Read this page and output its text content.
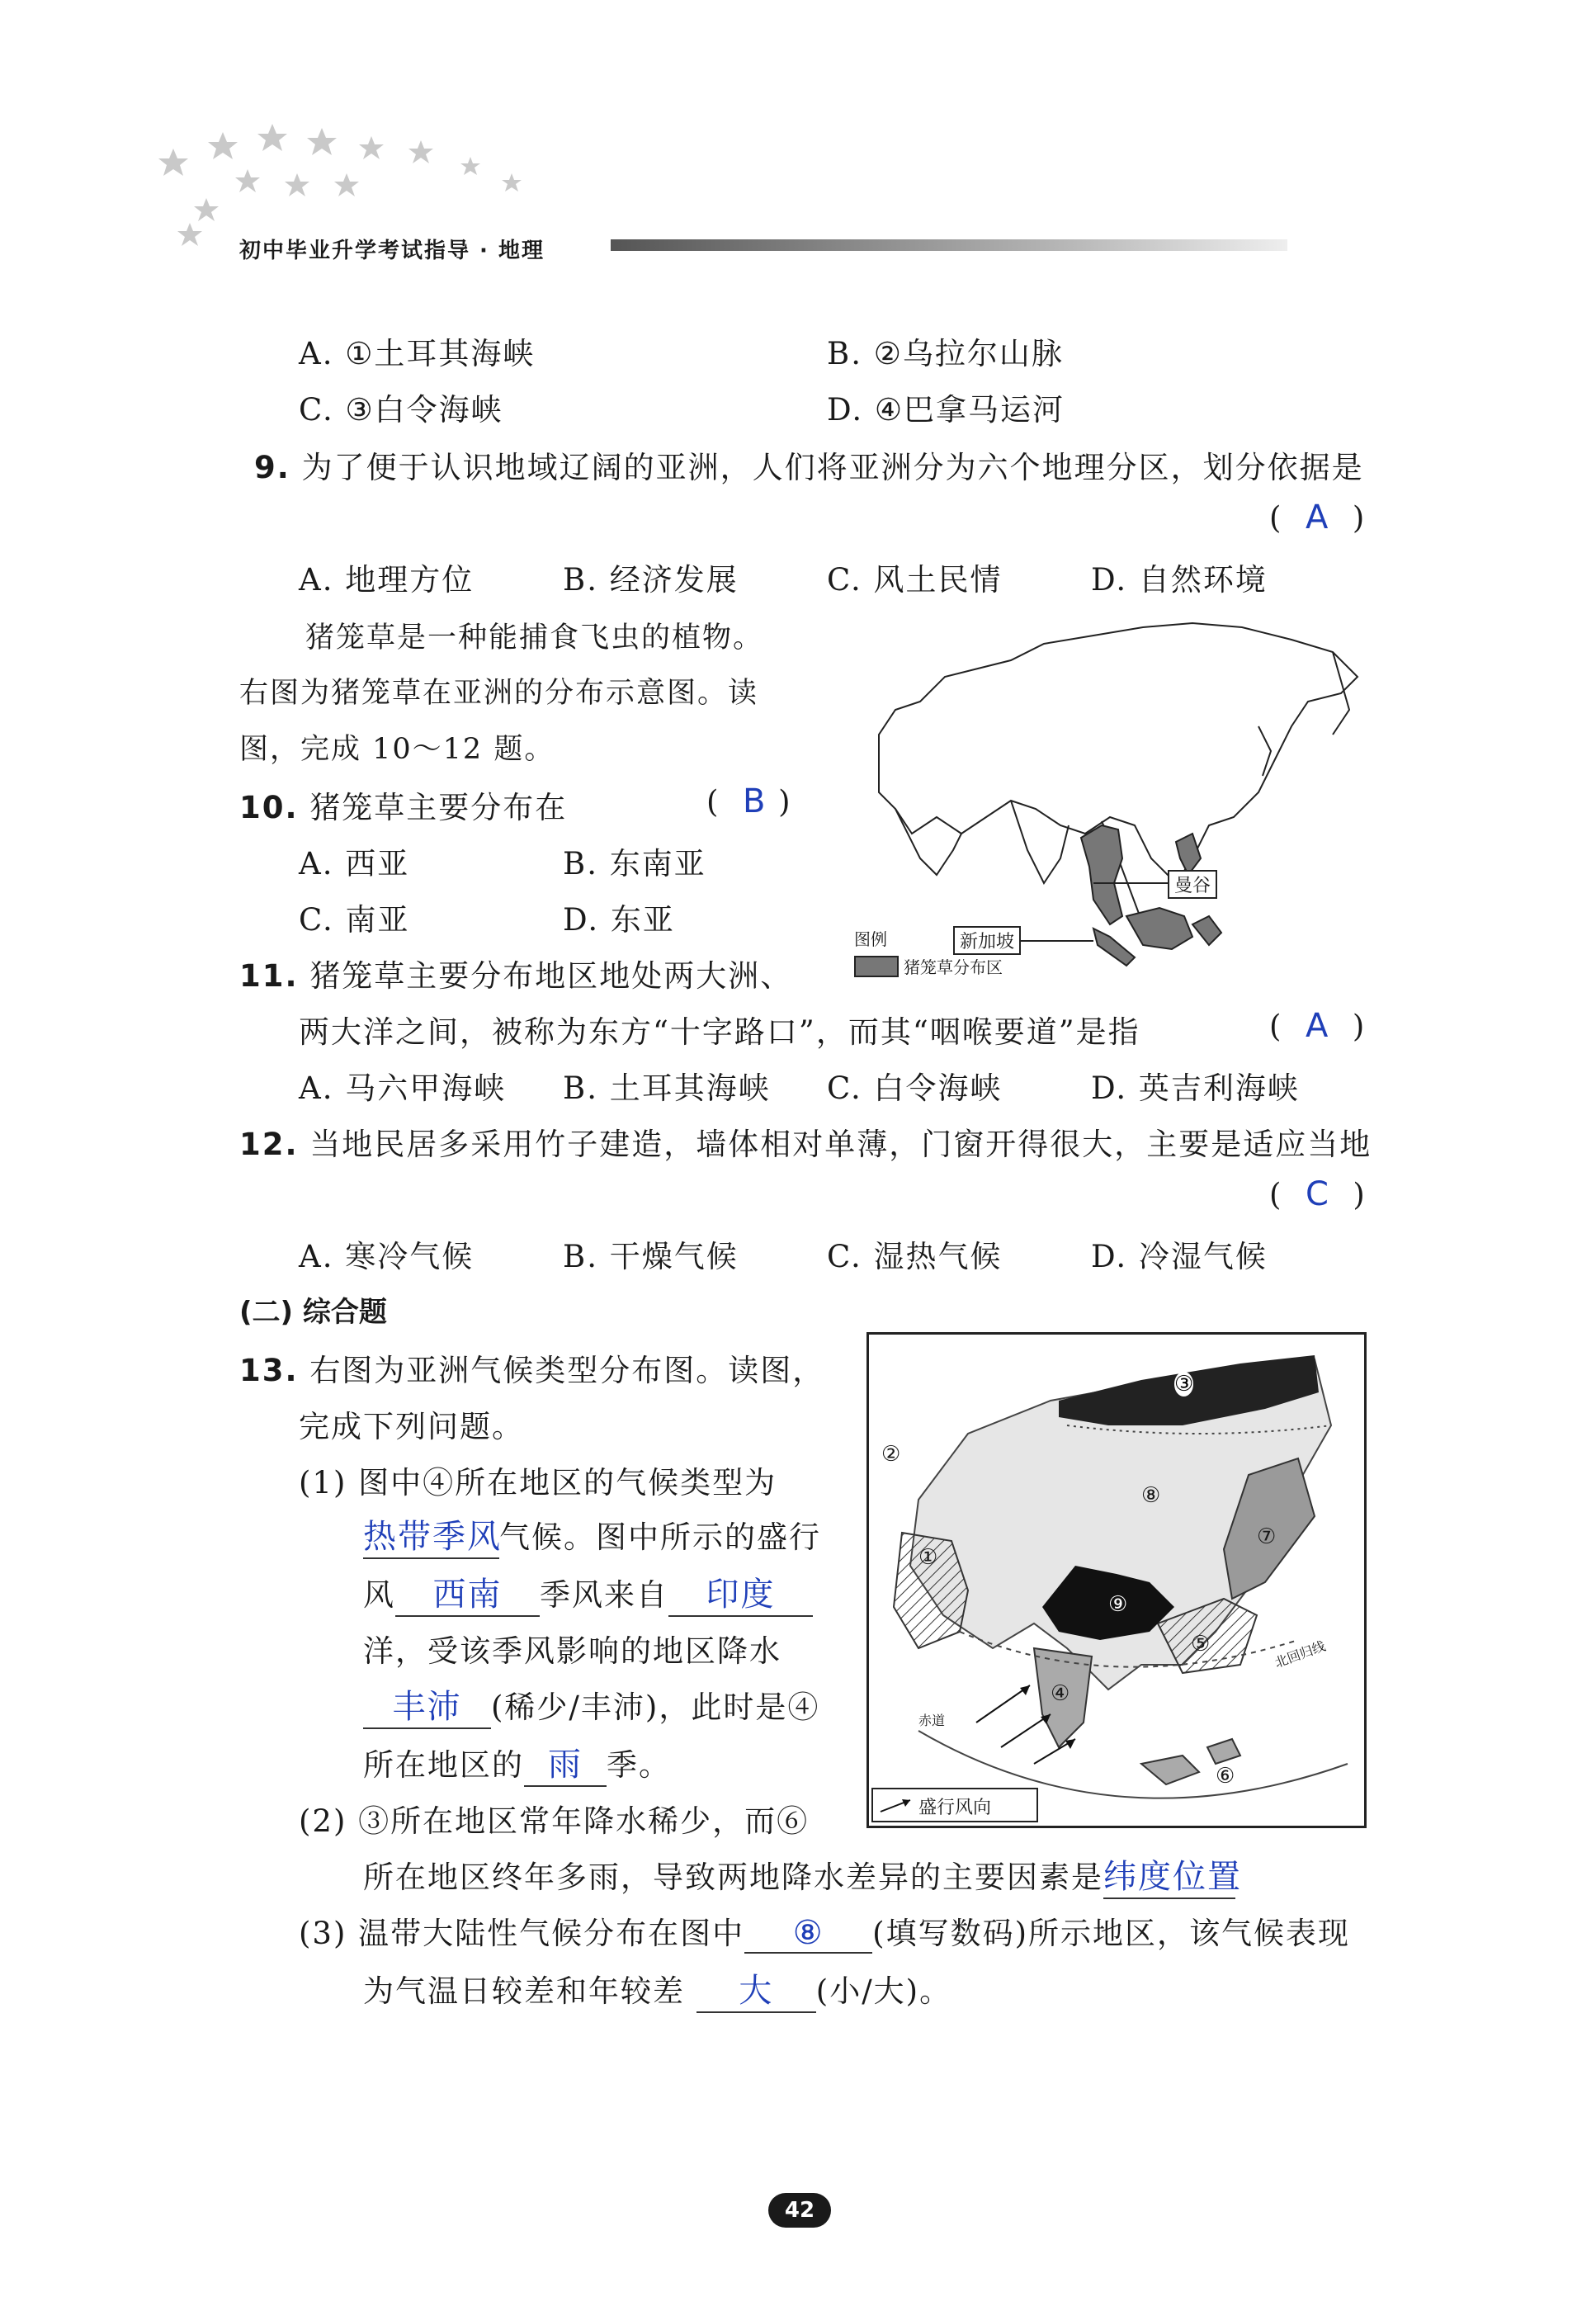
初中毕业升学考试指导 · 地理
A. ①土耳其海峡	B. ②乌拉尔山脉
C. ③白令海峡	D. ④巴拿马运河
9. 为了便于认识地域辽阔的亚洲，人们将亚洲分为六个地理分区，划分依据是
(  A  )
A. 地理方位	B. 经济发展	C. 风土民情	D. 自然环境
猪笼草是一种能捕食飞虫的植物。
右图为猪笼草在亚洲的分布示意图。读
图，完成 10～12 题。
曼谷
新加坡
图例
猪笼草分布区
10. 猪笼草主要分布在	(  B )
A. 西亚	B. 东南亚
C. 南亚	D. 东亚
11. 猪笼草主要分布地区地处两大洲、
两大洋之间，被称为东方“十字路口”，而其“咽喉要道”是指	(  A  )
A. 马六甲海峡 B. 土耳其海峡 C. 白令海峡	D. 英吉利海峡
12. 当地民居多采用竹子建造，墙体相对单薄，门窗开得很大，主要是适应当地
(  C  )
A. 寒冷气候	B. 干燥气候	C. 湿热气候	D. 冷湿气候
(二) 综合题
13. 右图为亚洲气候类型分布图。读图，
完成下列问题。
(1) 图中④所在地区的气候类型为
热带季风气候。图中所示的盛行
风 西南 季风来自 印度
洋，受该季风影响的地区降水
丰沛 (稀少/丰沛)，此时是④
所在地区的 雨 季。
(2) ③所在地区常年降水稀少，而⑥
所在地区终年多雨，导致两地降水差异的主要因素是纬度位置
(3) 温带大陆性气候分布在图中 ⑧ (填写数码)所示地区，该气候表现
为气温日较差和年较差 大 (小/大)。
①
②
③
④
⑤
⑥
⑦
⑧
⑨
北回归线
赤道
盛行风向
42
